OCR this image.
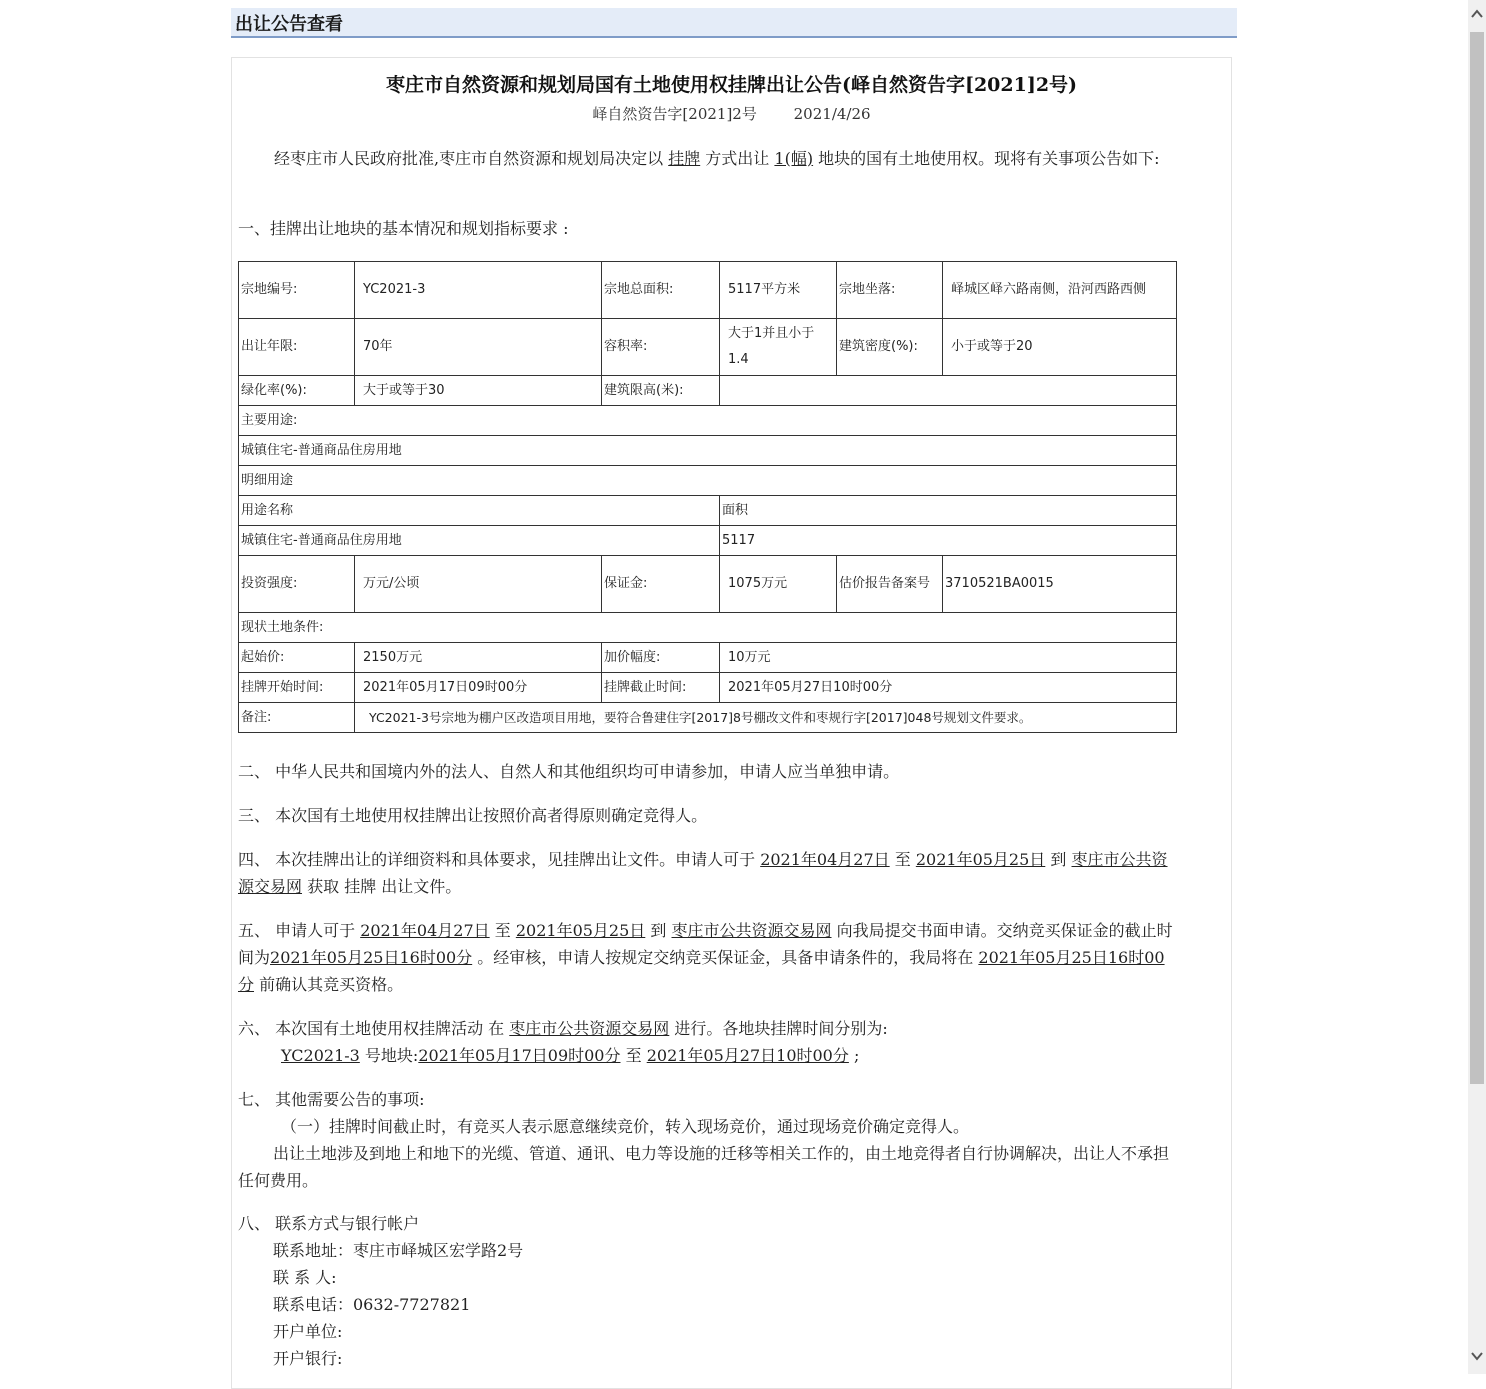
出让公告查看
枣庄市自然资源和规划局国有土地使用权挂牌出让公告(峄自然资告字[2021]2号)
峄自然资告字[2021]2号 2021/4/26
经枣庄市人民政府批准,枣庄市自然资源和规划局决定以 挂牌 方式出让 1(幅) 地块的国有土地使用权。现将有关事项公告如下:
一、挂牌出让地块的基本情况和规划指标要求 :
宗地编号:	YC2021-3	宗地总面积:	5117平方米	宗地坐落:	峄城区峄六路南侧，沿河西路西侧
出让年限:	70年	容积率:	大于1并且小于1.4	建筑密度(%):	小于或等于20
绿化率(%):	大于或等于30	建筑限高(米):			
主要用途:					
城镇住宅-普通商品住房用地					
明细用途					
用途名称			面积		
城镇住宅-普通商品住房用地			5117		
投资强度:	万元/公顷	保证金:	1075万元	估价报告备案号	3710521BA0015
现状土地条件:					
起始价:	2150万元	加价幅度:	10万元		
挂牌开始时间:	2021年05月17日09时00分	挂牌截止时间:	2021年05月27日10时00分		
备注:	YC2021-3号宗地为棚户区改造项目用地，要符合鲁建住字[2017]8号棚改文件和枣规行字[2017]048号规划文件要求。				
二、 中华人民共和国境内外的法人、自然人和其他组织均可申请参加，申请人应当单独申请。
三、 本次国有土地使用权挂牌出让按照价高者得原则确定竞得人。
四、 本次挂牌出让的详细资料和具体要求，见挂牌出让文件。申请人可于 2021年04月27日 至 2021年05月25日 到 枣庄市公共资源交易网 获取 挂牌 出让文件。
五、 申请人可于 2021年04月27日 至 2021年05月25日 到 枣庄市公共资源交易网 向我局提交书面申请。交纳竞买保证金的截止时间为2021年05月25日16时00分 。经审核，申请人按规定交纳竞买保证金，具备申请条件的，我局将在 2021年05月25日16时00分 前确认其竞买资格。
六、 本次国有土地使用权挂牌活动 在 枣庄市公共资源交易网 进行。各地块挂牌时间分别为:
YC2021-3 号地块:2021年05月17日09时00分 至 2021年05月27日10时00分 ;
七、 其他需要公告的事项:
（一）挂牌时间截止时，有竞买人表示愿意继续竞价，转入现场竞价，通过现场竞价确定竞得人。
出让土地涉及到地上和地下的光缆、管道、通讯、电力等设施的迁移等相关工作的，由土地竞得者自行协调解决，出让人不承担任何费用。
八、 联系方式与银行帐户
联系地址：枣庄市峄城区宏学路2号
联 系 人:
联系电话：0632-7727821
开户单位:
开户银行:
